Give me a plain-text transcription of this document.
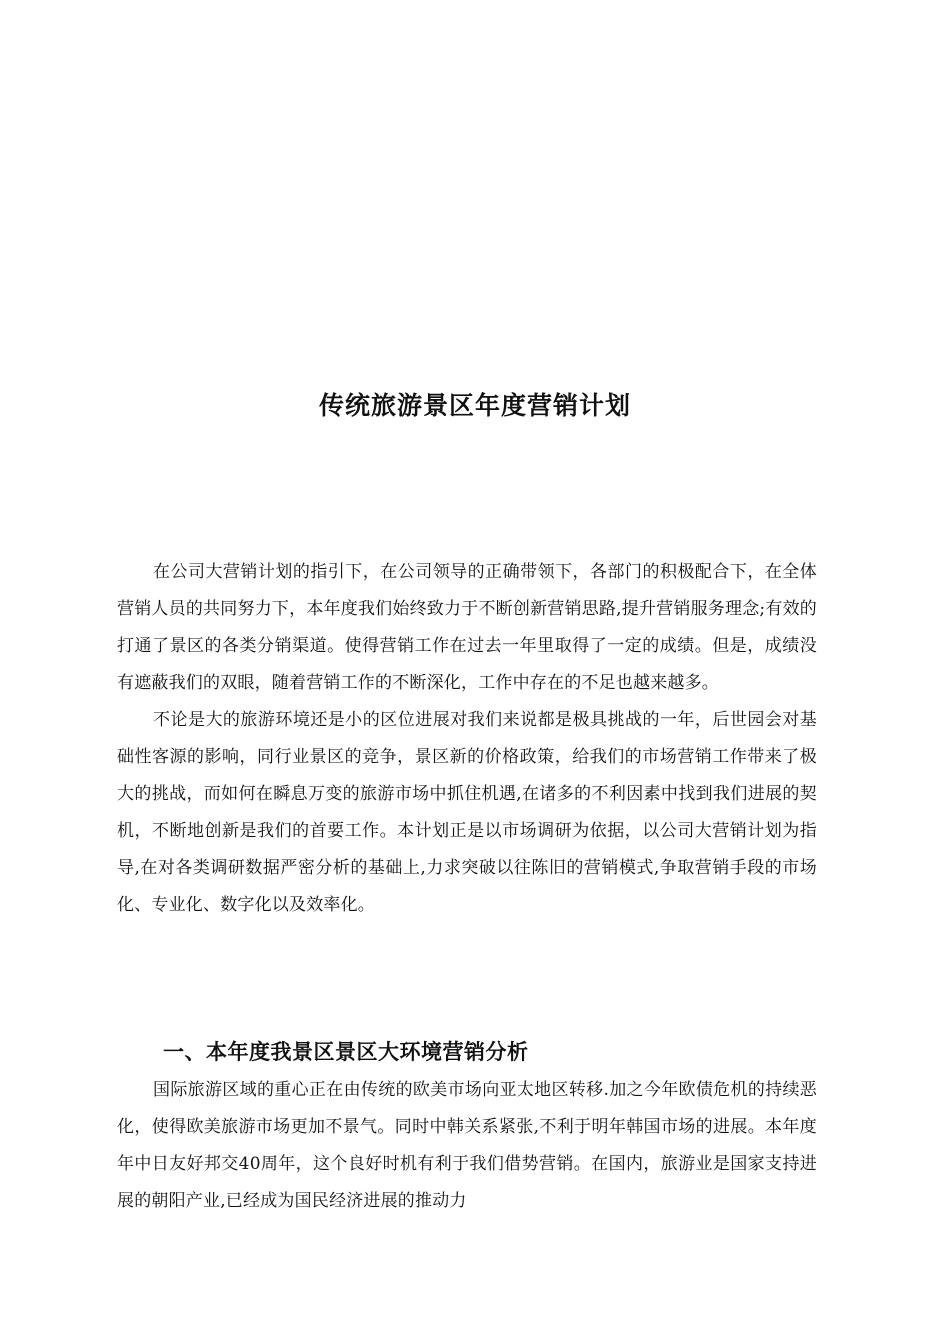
传统旅游景区年度营销计划

在公司大营销计划的指引下，在公司领导的正确带领下，各部门的积极配合下，在全体营销人员的共同努力下，本年度我们始终致力于不断创新营销思路,提升营销服务理念;有效的打通了景区的各类分销渠道。使得营销工作在过去一年里取得了一定的成绩。但是，成绩没有遮蔽我们的双眼，随着营销工作的不断深化，工作中存在的不足也越来越多。

不论是大的旅游环境还是小的区位进展对我们来说都是极具挑战的一年，后世园会对基础性客源的影响，同行业景区的竞争，景区新的价格政策，给我们的市场营销工作带来了极大的挑战，而如何在瞬息万变的旅游市场中抓住机遇,在诸多的不利因素中找到我们进展的契机，不断地创新是我们的首要工作。本计划正是以市场调研为依据，以公司大营销计划为指导,在对各类调研数据严密分析的基础上,力求突破以往陈旧的营销模式,争取营销手段的市场化、专业化、数字化以及效率化。

一、本年度我景区景区大环境营销分析

国际旅游区域的重心正在由传统的欧美市场向亚太地区转移.加之今年欧债危机的持续恶化，使得欧美旅游市场更加不景气。同时中韩关系紧张,不利于明年韩国市场的进展。本年度年中日友好邦交40周年，这个良好时机有利于我们借势营销。在国内，旅游业是国家支持进展的朝阳产业,已经成为国民经济进展的推动力
